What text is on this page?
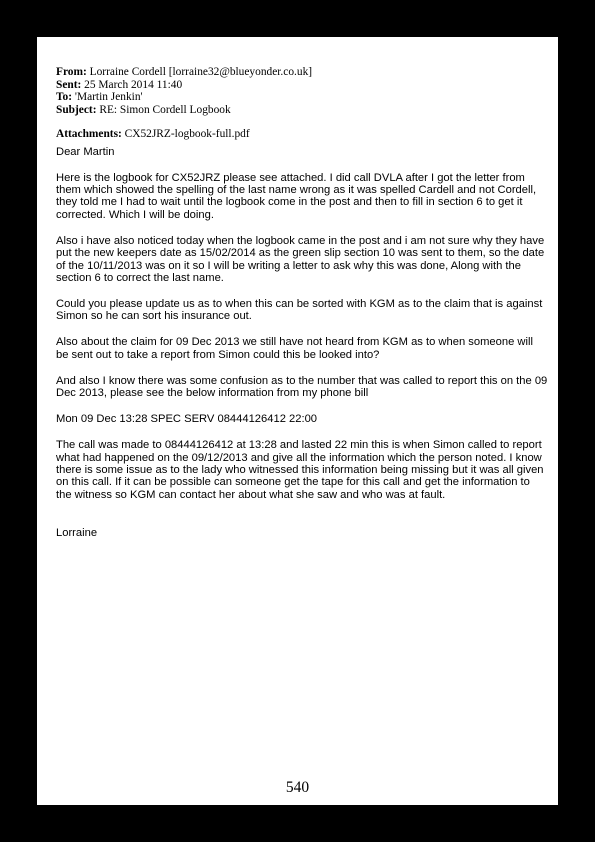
From: Lorraine Cordell [lorraine32@blueyonder.co.uk]
Sent: 25 March 2014 11:40
To: 'Martin Jenkin'
Subject: RE: Simon Cordell Logbook
Attachments: CX52JRZ-logbook-full.pdf

Dear Martin

Here is the logbook for CX52JRZ please see attached. I did call DVLA after I got the letter from them which showed the spelling of the last name wrong as it was spelled Cardell and not Cordell, they told me I had to wait until the logbook come in the post and then to fill in section 6 to get it corrected. Which I will be doing.

Also i have also noticed today when the logbook came in the post and i am not sure why they have put the new keepers date as 15/02/2014 as the green slip section 10 was sent to them, so the date of the 10/11/2013 was on it so I will be writing a letter to ask why this was done, Along with the section 6 to correct the last name.

Could you please update us as to when this can be sorted with KGM as to the claim that is against Simon so he can sort his insurance out.

Also about the claim for 09 Dec 2013 we still have not heard from KGM as to when someone will be sent out to take a report from Simon could this be looked into?

And also I know there was some confusion as to the number that was called to report this on the 09 Dec 2013, please see the below information from my phone bill

Mon 09 Dec 13:28 SPEC SERV 08444126412 22:00

The call was made to 08444126412 at 13:28 and lasted 22 min this is when Simon called to report what had happened on the 09/12/2013 and give all the information which the person noted. I know there is some issue as to the lady who witnessed this information being missing but it was all given on this call. If it can be possible can someone get the tape for this call and get the information to the witness so KGM can contact her about what she saw and who was at fault.

Lorraine

540
